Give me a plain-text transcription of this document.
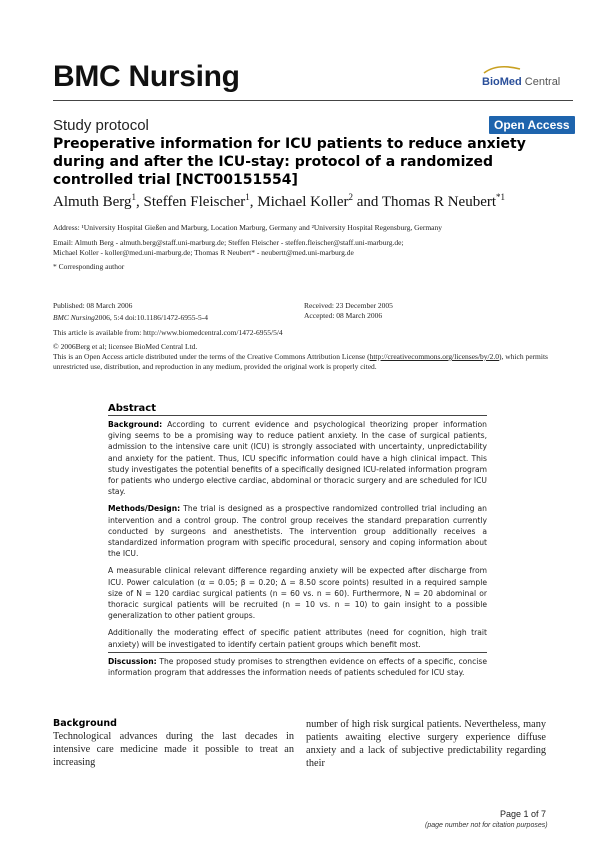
BMC Nursing	BioMed Central
Study protocol	Open Access
Preoperative information for ICU patients to reduce anxiety during and after the ICU-stay: protocol of a randomized controlled trial [NCT00151554]
Almuth Berg$^1$, Steffen Fleischer$^1$, Michael Koller$^2$ and Thomas R Neubert$^{*1}$
Address: ¹University Hospital Gießen and Marburg, Location Marburg, Germany and ²University Hospital Regensburg, Germany
Email: Almuth Berg - almuth.berg@staff.uni-marburg.de; Steffen Fleischer - steffen.fleischer@staff.uni-marburg.de;
Michael Koller - koller@med.uni-marburg.de; Thomas R Neubert* - neubertt@med.uni-marburg.de
* Corresponding author
Published: 08 March 2006
BMC Nursing2006, 5:4 doi:10.1186/1472-6955-5-4
Received: 23 December 2005
Accepted: 08 March 2006
This article is available from: http://www.biomedcentral.com/1472-6955/5/4
© 2006Berg et al; licensee BioMed Central Ltd.
This is an Open Access article distributed under the terms of the Creative Commons Attribution License (http://creativecommons.org/licenses/by/2.0), which permits unrestricted use, distribution, and reproduction in any medium, provided the original work is properly cited.
Abstract

Background: According to current evidence and psychological theorizing proper information giving seems to be a promising way to reduce patient anxiety. In the case of surgical patients, admission to the intensive care unit (ICU) is strongly associated with uncertainty, unpredictability and anxiety for the patient. Thus, ICU specific information could have a high clinical impact. This study investigates the potential benefits of a specifically designed ICU-related information program for patients who undergo elective cardiac, abdominal or thoracic surgery and are scheduled for ICU stay.

Methods/Design: The trial is designed as a prospective randomized controlled trial including an intervention and a control group. The control group receives the standard preparation currently conducted by surgeons and anesthetists. The intervention group additionally receives a standardized information program with specific procedural, sensory and coping information about the ICU.

A measurable clinical relevant difference regarding anxiety will be expected after discharge from ICU. Power calculation (α = 0.05; β = 0.20; Δ = 8.50 score points) resulted in a required sample size of N = 120 cardiac surgical patients (n = 60 vs. n = 60). Furthermore, N = 20 abdominal or thoracic surgical patients will be recruited (n = 10 vs. n = 10) to gain insight to a possible generalization to other patient groups.

Additionally the moderating effect of specific patient attributes (need for cognition, high trait anxiety) will be investigated to identify certain patient groups which benefit most.

Discussion: The proposed study promises to strengthen evidence on effects of a specific, concise information program that addresses the information needs of patients scheduled for ICU stay.

Background
Technological advances during the last decades in intensive care medicine made it possible to treat an increasing
number of high risk surgical patients. Nevertheless, many patients awaiting elective surgery experience diffuse anxiety and a lack of subjective predictability regarding their
Page 1 of 7
(page number not for citation purposes)
